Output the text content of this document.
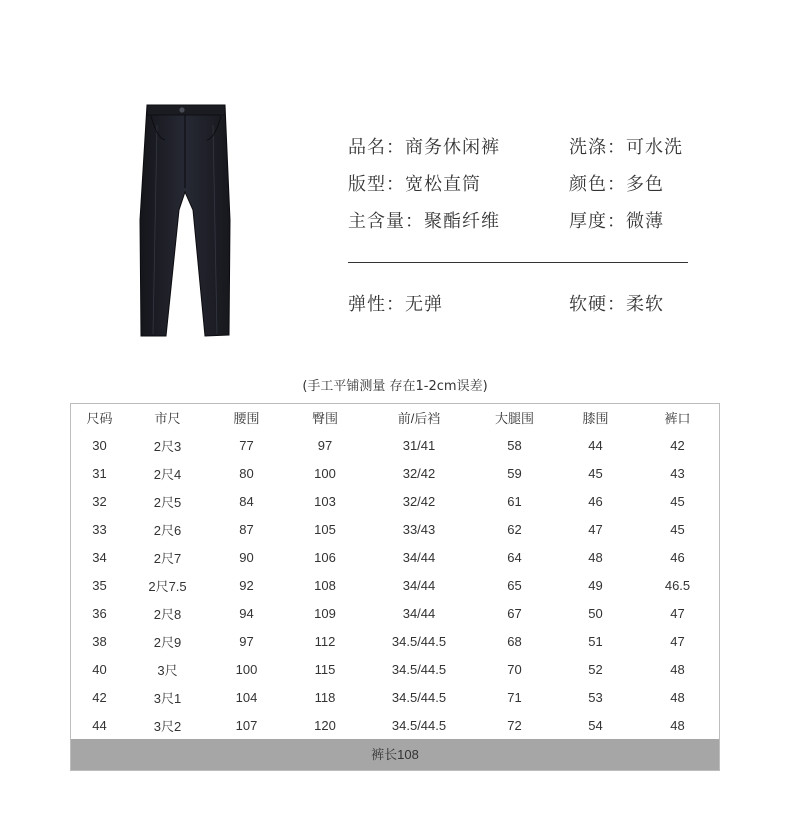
品名：商务休闲裤	洗涤：可水洗
版型：宽松直筒	颜色：多色
主含量：聚酯纤维	厚度：微薄
弹性：无弹	软硬：柔软
(手工平铺测量 存在1-2cm误差)
尺码	市尺	腰围	臀围	前/后裆	大腿围	膝围	裤口
30	2尺3	77	97	31/41	58	44	42
31	2尺4	80	100	32/42	59	45	43
32	2尺5	84	103	32/42	61	46	45
33	2尺6	87	105	33/43	62	47	45
34	2尺7	90	106	34/44	64	48	46
35	2尺7.5	92	108	34/44	65	49	46.5
36	2尺8	94	109	34/44	67	50	47
38	2尺9	97	112	34.5/44.5	68	51	47
40	3尺	100	115	34.5/44.5	70	52	48
42	3尺1	104	118	34.5/44.5	71	53	48
44	3尺2	107	120	34.5/44.5	72	54	48
裤长108
